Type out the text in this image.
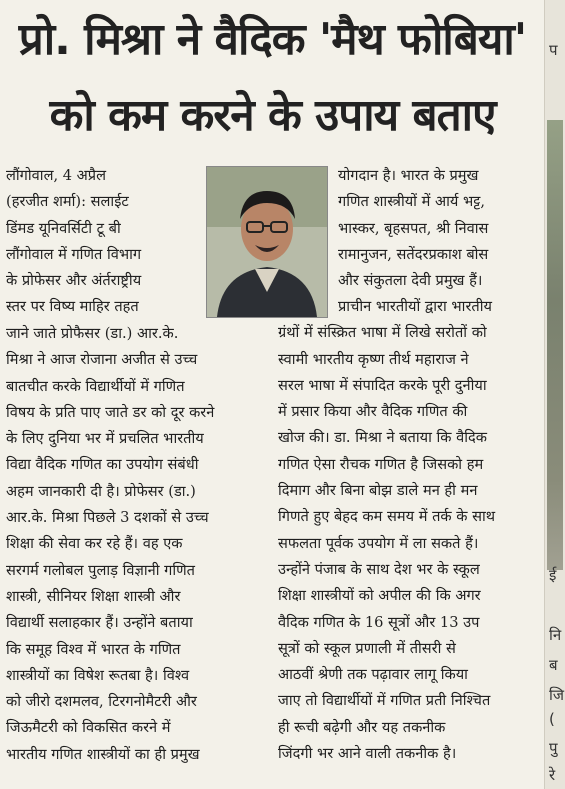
प्रो. मिश्रा ने वैदिक 'मैथ फोबिया'
को कम करने के उपाय बताए
लौंगोवाल, 4 अप्रैल
(हरजीत शर्मा): सलाईट
डिंमड यूनिवर्सिटी टू बी
लौंगोवाल में गणित विभाग
के प्रोफेसर और अंर्तराष्ट्रीय
स्तर पर विष्य माहिर तहत
जाने जाते प्रोफैसर (डा.) आर.के.
मिश्रा ने आज रोजाना अजीत से उच्च
बातचीत करके विद्यार्थीयों में गणित
विषय के प्रति पाए जाते डर को दूर करने
के लिए दुनिया भर में प्रचलित भारतीय
विद्या वैदिक गणित का उपयोग संबंधी
अहम जानकारी दी है। प्रोफेसर (डा.)
आर.के. मिश्रा पिछले 3 दशकों से उच्च
शिक्षा की सेवा कर रहे हैं। वह एक
सरगर्म गलोबल पुलाड़ विज्ञानी गणित
शास्त्री, सीनियर शिक्षा शास्त्री और
विद्यार्थी सलाहकार हैं। उन्होंने बताया
कि समूह विश्व में भारत के गणित
शास्त्रीयों का विषेश रूतबा है। विश्व
को जीरो दशमलव, टिरगनोमैटरी और
जिऊमैटरी को विकसित करने में
भारतीय गणित शास्त्रीयों का ही प्रमुख
योगदान है। भारत के प्रमुख
गणित शास्त्रीयों में आर्य भट्ट,
भास्कर, बृहसपत, श्री निवास
रामानुजन, सतेंदरप्रकाश बोस
और संकुतला देवी प्रमुख हैं।
प्राचीन भारतीयों द्वारा भारतीय
ग्रंथों में संस्क्रित भाषा में लिखे सरोतों को
स्वामी भारतीय कृष्ण तीर्थ महाराज ने
सरल भाषा में संपादित करके पूरी दुनीया
में प्रसार किया और वैदिक गणित की
खोज की। डा. मिश्रा ने बताया कि वैदिक
गणित ऐसा रौचक गणित है जिसको हम
दिमाग और बिना बोझ डाले मन ही मन
गिणते हुए बेहद कम समय में तर्क के साथ
सफलता पूर्वक उपयोग में ला सकते हैं।
उन्होंने पंजाब के साथ देश भर के स्कूल
शिक्षा शास्त्रीयों को अपील की कि अगर
वैदिक गणित के 16 सूत्रों और 13 उप
सूत्रों को स्कूल प्रणाली में तीसरी से
आठवीं श्रेणी तक पढ़ावार लागू किया
जाए तो विद्यार्थीयों में गणित प्रती निश्चित
ही रूची बढ़ेगी और यह तकनीक
जिंदगी भर आने वाली तकनीक है।
प
ई
नि
ब
जि
(
पु
रे
